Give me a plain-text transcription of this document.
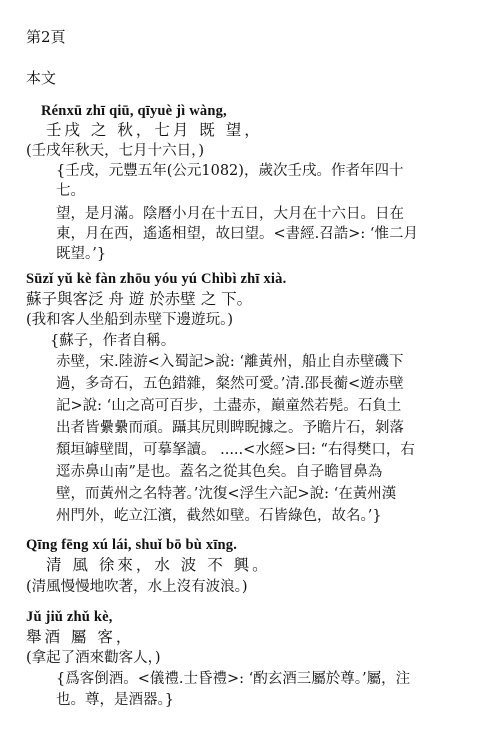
第2頁
本文
Rénxū zhī qiū, qīyuè jì wàng,
壬戌 之 秋，七月 既 望，
(壬戌年秋天，七月十六日，)
{壬戌，元豐五年(公元1082)，歲次壬戌。作者年四十
七。
望，是月滿。陰曆小月在十五日，大月在十六日。日在
東，月在西，遙遙相望，故曰望。<書經.召誥>: ‘惟二月
既望。’}
Sūzǐ yǔ kè fàn zhōu yóu yú Chìbì zhī xià.
蘇子與客泛 舟 遊 於赤壁 之 下。
(我和客人坐船到赤壁下邊遊玩。)
{蘇子，作者自稱。
赤壁，宋.陸游<入蜀記>說: ‘離黃州，船止自赤壁磯下
過，多奇石，五色錯雜，粲然可愛。’清.邵長蘅<遊赤壁
記>說: ‘山之高可百步，土盡赤，巔童然若髡。石負土
出者皆纍纍而頑。躡其尻則睥睨據之。予瞻片石，剝落
頹垣罅壁間，可摹拏讀。 .....<水經>曰: “右得樊口，右
逕赤鼻山南”是也。蓋名之從其色矣。自子瞻冒鼻為
壁，而黃州之名特著。’沈復<浮生六記>說: ‘在黃州漢
州門外，屹立江濱，截然如壁。石皆綠色，故名。’}
Qīng fēng xú lái, shuǐ bō bù xīng.
清 風 徐來，水 波 不 興。
(清風慢慢地吹著，水上沒有波浪。)
Jǔ jiǔ zhǔ kè,
舉酒 屬 客，
(拿起了酒來勸客人，)
{爲客倒酒。<儀禮.士昏禮>: ‘酌玄酒三屬於尊。’屬，注
也。尊，是酒器。}
